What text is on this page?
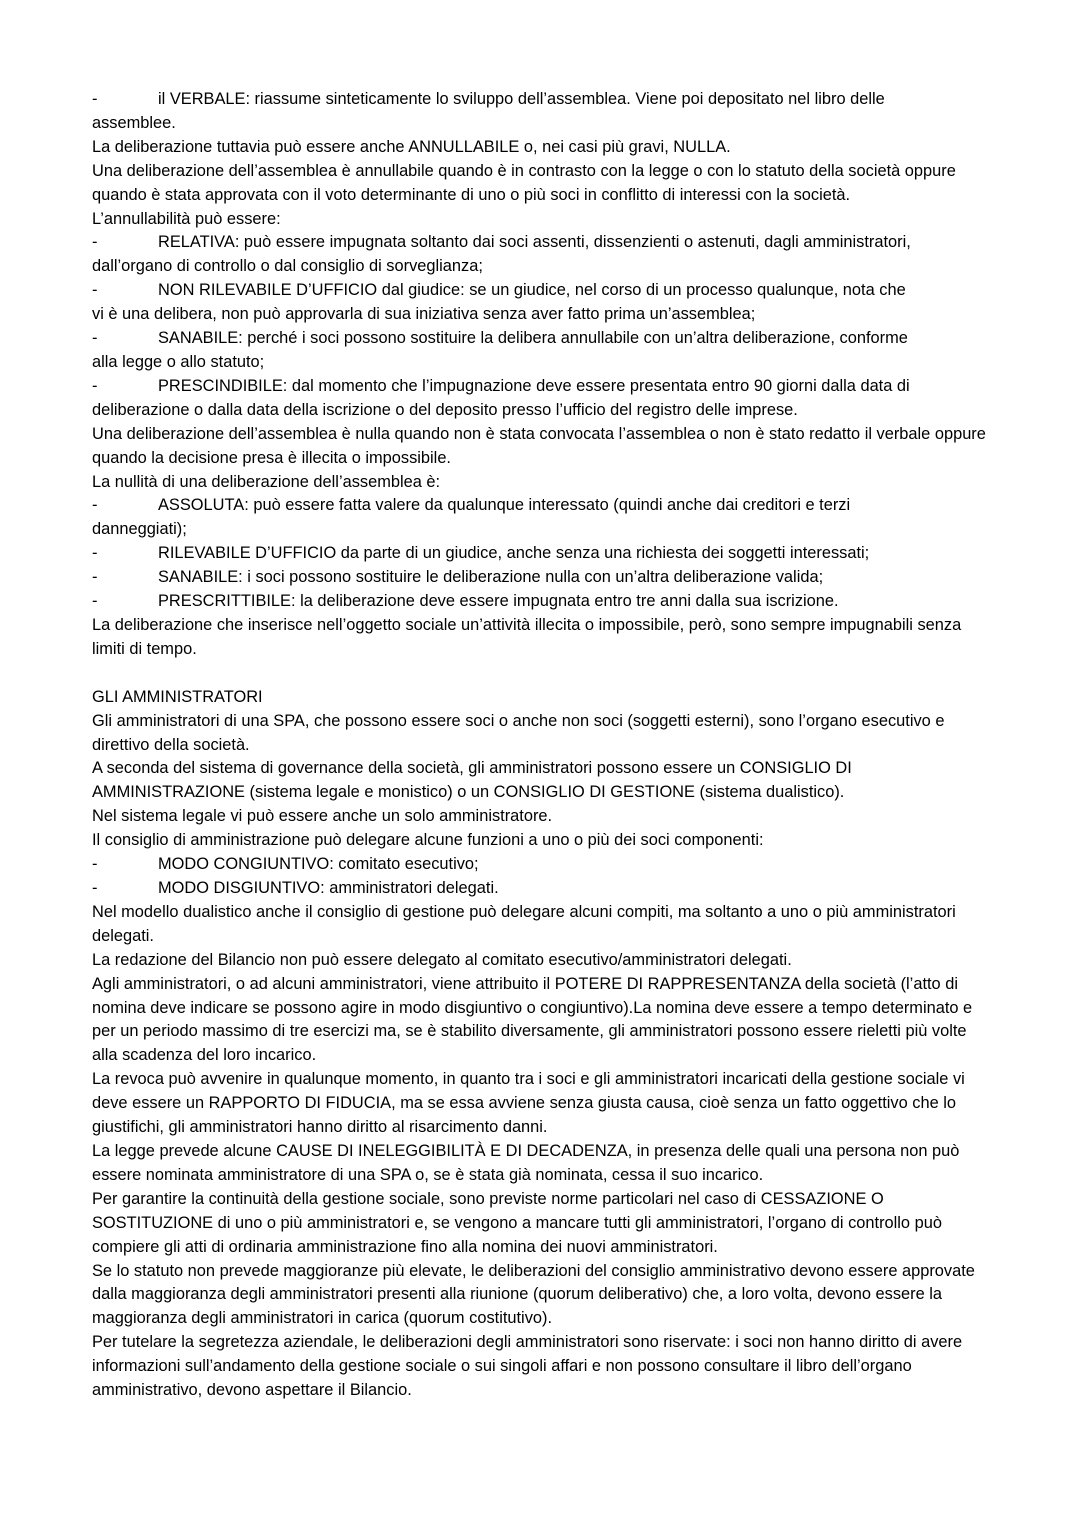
- il VERBALE: riassume sinteticamente lo sviluppo dell’assemblea. Viene poi depositato nel libro delle
assemblee.

La deliberazione tuttavia può essere anche ANNULLABILE o, nei casi più gravi, NULLA.

Una deliberazione dell’assemblea è annullabile quando è in contrasto con la legge o con lo statuto della società oppure quando è stata approvata con il voto determinante di uno o più soci in conflitto di interessi con la società.

L’annullabilità può essere:

- RELATIVA: può essere impugnata soltanto dai soci assenti, dissenzienti o astenuti, dagli amministratori,
dall’organo di controllo o dal consiglio di sorveglianza;

- NON RILEVABILE D’UFFICIO dal giudice: se un giudice, nel corso di un processo qualunque, nota che
vi è una delibera, non può approvarla di sua iniziativa senza aver fatto prima un’assemblea;

- SANABILE: perché i soci possono sostituire la delibera annullabile con un’altra deliberazione, conforme
alla legge o allo statuto;

- PRESCINDIBILE: dal momento che l’impugnazione deve essere presentata entro 90 giorni dalla data di
deliberazione o dalla data della iscrizione o del deposito presso l’ufficio del registro delle imprese.

Una deliberazione dell’assemblea è nulla quando non è stata convocata l’assemblea o non è stato redatto il verbale oppure quando la decisione presa è illecita o impossibile.

La nullità di una deliberazione dell’assemblea è:

- ASSOLUTA: può essere fatta valere da qualunque interessato (quindi anche dai creditori e terzi
danneggiati);

- RILEVABILE D’UFFICIO da parte di un giudice, anche senza una richiesta dei soggetti interessati;

- SANABILE: i soci possono sostituire le deliberazione nulla con un’altra deliberazione valida;

- PRESCRITTIBILE: la deliberazione deve essere impugnata entro tre anni dalla sua iscrizione.

La deliberazione che inserisce nell’oggetto sociale un’attività illecita o impossibile, però, sono sempre impugnabili senza limiti di tempo.

GLI AMMINISTRATORI

Gli amministratori di una SPA, che possono essere soci o anche non soci (soggetti esterni), sono l’organo esecutivo e direttivo della società.

A seconda del sistema di governance della società, gli amministratori possono essere un CONSIGLIO DI AMMINISTRAZIONE (sistema legale e monistico) o un CONSIGLIO DI GESTIONE (sistema dualistico).

Nel sistema legale vi può essere anche un solo amministratore.

Il consiglio di amministrazione può delegare alcune funzioni a uno o più dei soci componenti:

- MODO CONGIUNTIVO: comitato esecutivo;

- MODO DISGIUNTIVO: amministratori delegati.

Nel modello dualistico anche il consiglio di gestione può delegare alcuni compiti, ma soltanto a uno o più amministratori delegati.

La redazione del Bilancio non può essere delegato al comitato esecutivo/amministratori delegati.

Agli amministratori, o ad alcuni amministratori, viene attribuito il POTERE DI RAPPRESENTANZA della società (l’atto di nomina deve indicare se possono agire in modo disgiuntivo o congiuntivo).La nomina deve essere a tempo determinato e per un periodo massimo di tre esercizi ma, se è stabilito diversamente, gli amministratori possono essere rieletti più volte alla scadenza del loro incarico.

La revoca può avvenire in qualunque momento, in quanto tra i soci e gli amministratori incaricati della gestione sociale vi deve essere un RAPPORTO DI FIDUCIA, ma se essa avviene senza giusta causa, cioè senza un fatto oggettivo che lo giustifichi, gli amministratori hanno diritto al risarcimento danni.

La legge prevede alcune CAUSE DI INELEGGIBILITÀ E DI DECADENZA, in presenza delle quali una persona non può essere nominata amministratore di una SPA o, se è stata già nominata, cessa il suo incarico.

Per garantire la continuità della gestione sociale, sono previste norme particolari nel caso di CESSAZIONE O SOSTITUZIONE di uno o più amministratori e, se vengono a mancare tutti gli amministratori, l’organo di controllo può compiere gli atti di ordinaria amministrazione fino alla nomina dei nuovi amministratori.

Se lo statuto non prevede maggioranze più elevate, le deliberazioni del consiglio amministrativo devono essere approvate dalla maggioranza degli amministratori presenti alla riunione (quorum deliberativo) che, a loro volta, devono essere la maggioranza degli amministratori in carica (quorum costitutivo).

Per tutelare la segretezza aziendale, le deliberazioni degli amministratori sono riservate: i soci non hanno diritto di avere informazioni sull’andamento della gestione sociale o sui singoli affari e non possono consultare il libro dell’organo amministrativo, devono aspettare il Bilancio.
